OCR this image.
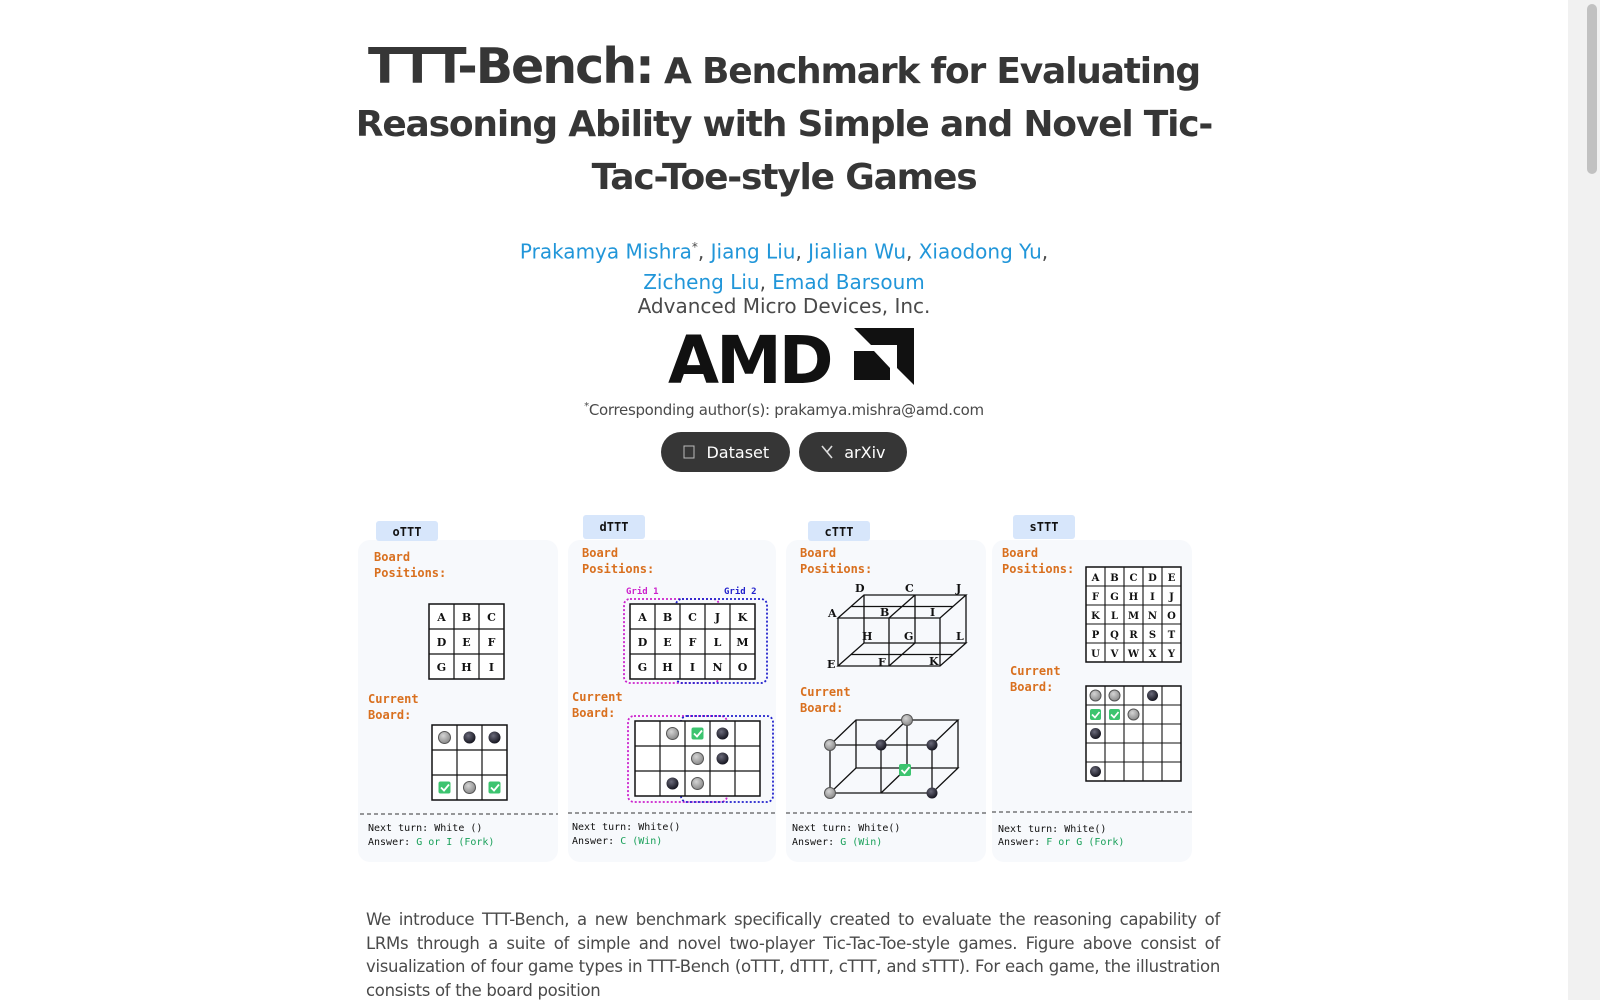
TTT-Bench: A Benchmark for Evaluating Reasoning Ability with Simple and Novel Tic-Tac-Toe-style Games
Prakamya Mishra*, Jiang Liu, Jialian Wu, Xiaodong Yu,
Zicheng Liu, Emad Barsoum
Advanced Micro Devices, Inc.
AMD
*Corresponding author(s): prakamya.mishra@amd.com
Dataset
	arXiv
oTTT
Board
Positions:
A B C
D E F
G H I
Current
Board:
Next turn: White ()
Answer: G or I (Fork)
dTTT
Board
Positions:
Grid 1	Grid 2
A B C J K
D E F L M
G H I N O
Current
Board:
Next turn: White()
Answer: C (Win)
cTTT
Board
Positions:
D	C	J
A	B	I
H	G	L
E	F	K
Current
Board:
Next turn: White()
Answer: G (Win)
sTTT
Board
Positions:
A B C D E
F G H I J
K L M N O
P Q R S T
U V W X Y
Current
Board:
Next turn: White()
Answer: F or G (Fork)

We introduce TTT-Bench, a new benchmark specifically created to evaluate the reasoning capability of LRMs through a suite of simple and novel two-player Tic-Tac-Toe-style games. Figure above consist of visualization of four game types in TTT-Bench (oTTT, dTTT, cTTT, and sTTT). For each game, the illustration consists of the board position
